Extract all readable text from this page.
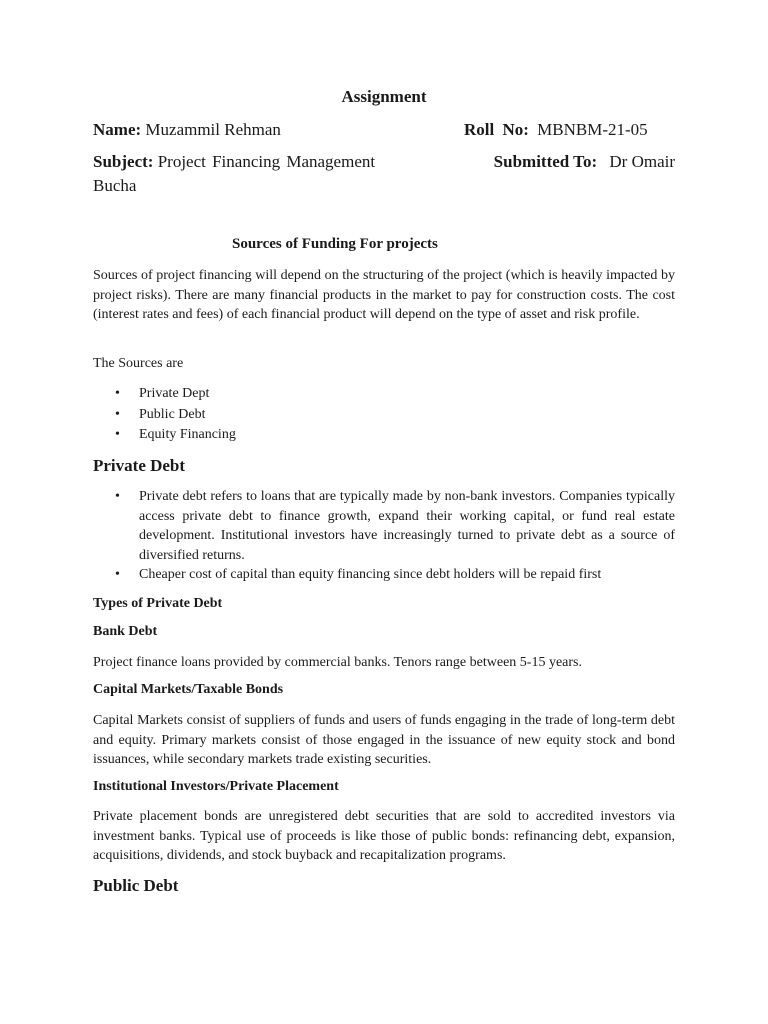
Assignment
Name: Muzammil Rehman	Roll No: MBNBM-21-05
Subject: Project Financing Management	Submitted To: Dr Omair
Bucha
Sources of Funding For projects

Sources of project financing will depend on the structuring of the project (which is heavily impacted by project risks). There are many financial products in the market to pay for construction costs. The cost (interest rates and fees) of each financial product will depend on the type of asset and risk profile.

The Sources are

• Private Dept
• Public Debt
• Equity Financing
Private Debt
• Private debt refers to loans that are typically made by non-bank investors. Companies typically access private debt to finance growth, expand their working capital, or fund real estate development. Institutional investors have increasingly turned to private debt as a source of diversified returns.
• Cheaper cost of capital than equity financing since debt holders will be repaid first
Types of Private Debt
Bank Debt

Project finance loans provided by commercial banks. Tenors range between 5-15 years.

Capital Markets/Taxable Bonds

Capital Markets consist of suppliers of funds and users of funds engaging in the trade of long-term debt and equity. Primary markets consist of those engaged in the issuance of new equity stock and bond issuances, while secondary markets trade existing securities.

Institutional Investors/Private Placement

Private placement bonds are unregistered debt securities that are sold to accredited investors via investment banks. Typical use of proceeds is like those of public bonds: refinancing debt, expansion, acquisitions, dividends, and stock buyback and recapitalization programs.

Public Debt
